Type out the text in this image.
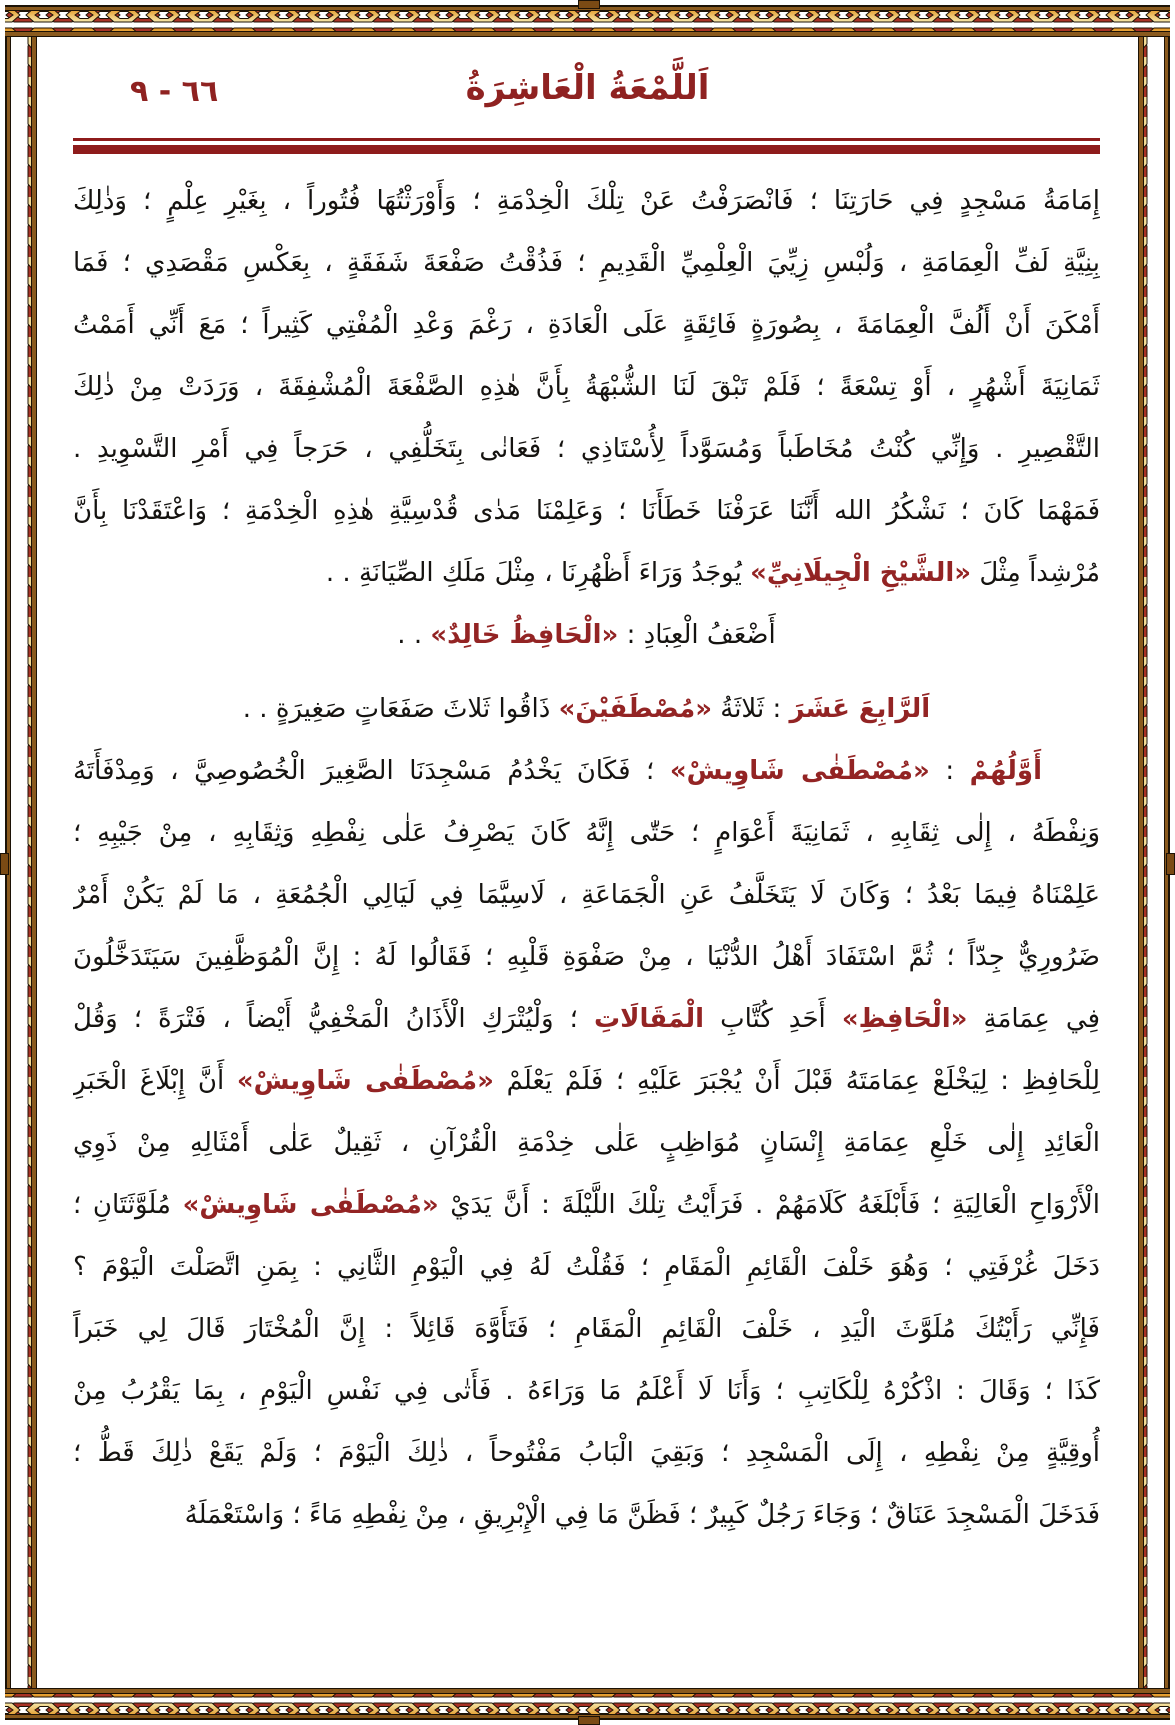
اَللَّمْعَةُ الْعَاشِرَةُ
٦٦ - ٩
إِمَامَةُ مَسْجِدٍ فِي حَارَتِنَا ؛ فَانْصَرَفْتُ عَنْ تِلْكَ الْخِدْمَةِ ؛ وَأَوْرَثْتُهَا فُتُوراً ، بِغَيْرِ عِلْمٍ ؛ وَذٰلِكَ
بِنِيَّةِ لَفِّ الْعِمَامَةِ ، وَلُبْسِ زِيِّيَ الْعِلْمِيِّ الْقَدِيمِ ؛ فَذُقْتُ صَفْعَةَ شَفَقَةٍ ، بِعَكْسِ مَقْصَدِي ؛ فَمَا
أَمْكَنَ أَنْ أَلُفَّ الْعِمَامَةَ ، بِصُورَةٍ فَائِقَةٍ عَلَى الْعَادَةِ ، رَغْمَ وَعْدِ الْمُفْتِي كَثِيراً ؛ مَعَ أَنِّي أَمَمْتُ
ثَمَانِيَةَ أَشْهُرٍ ، أَوْ تِسْعَةً ؛ فَلَمْ تَبْقَ لَنَا الشُّبْهَةُ بِأَنَّ هٰذِهِ الصَّفْعَةَ الْمُشْفِقَةَ ، وَرَدَتْ مِنْ ذٰلِكَ
التَّقْصِيرِ . وَإِنِّي كُنْتُ مُخَاطَباً وَمُسَوَّداً لِأُسْتَاذِي ؛ فَعَانٰى بِتَخَلُّفِي ، حَرَجاً فِي أَمْرِ التَّسْوِيدِ .
فَمَهْمَا كَانَ ؛ نَشْكُرُ الله أَنَّنَا عَرَفْنَا خَطَأَنَا ؛ وَعَلِمْنَا مَدٰى قُدْسِيَّةِ هٰذِهِ الْخِدْمَةِ ؛ وَاعْتَقَدْنَا بِأَنَّ
مُرْشِداً مِثْلَ «الشَّيْخِ الْجِيلَانِيِّ» يُوجَدُ وَرَاءَ أَظْهُرِنَا ، مِثْلَ مَلَكِ الصِّيَانَةِ . .
أَضْعَفُ الْعِبَادِ : «الْحَافِظُ خَالِدٌ» . .
اَلرَّابِعَ عَشَرَ : ثَلاثَةُ «مُصْطَفَيْنَ» ذَاقُوا ثَلاثَ صَفَعَاتٍ صَغِيرَةٍ . .
أَوَّلُهُمْ : «مُصْطَفٰى شَاوِيشْ» ؛ فَكَانَ يَخْدُمُ مَسْجِدَنَا الصَّغِيرَ الْخُصُوصِيَّ ، وَمِدْفَأَتَهُ
وَنِفْطَهُ ، إِلٰى ثِقَابِهِ ، ثَمَانِيَةَ أَعْوَامٍ ؛ حَتّٰى إِنَّهُ كَانَ يَصْرِفُ عَلٰى نِفْطِهِ وَثِقَابِهِ ، مِنْ جَيْبِهِ ؛
عَلِمْنَاهُ فِيمَا بَعْدُ ؛ وَكَانَ لَا يَتَخَلَّفُ عَنِ الْجَمَاعَةِ ، لَاسِيَّمَا فِي لَيَالِي الْجُمُعَةِ ، مَا لَمْ يَكُنْ أَمْرٌ
ضَرُورِيٌّ جِدّاً ؛ ثُمَّ اسْتَفَادَ أَهْلُ الدُّنْيَا ، مِنْ صَفْوَةِ قَلْبِهِ ؛ فَقَالُوا لَهُ : إِنَّ الْمُوَظَّفِينَ سَيَتَدَخَّلُونَ
فِي عِمَامَةِ «الْحَافِظِ» أَحَدِ كُتَّابِ الْمَقَالَاتِ ؛ وَلْيُتْرَكِ الْأَذَانُ الْمَخْفِيُّ أَيْضاً ، فَتْرَةً ؛ وَقُلْ
لِلْحَافِظِ : لِيَخْلَعْ عِمَامَتَهُ قَبْلَ أَنْ يُجْبَرَ عَلَيْهِ ؛ فَلَمْ يَعْلَمْ «مُصْطَفٰى شَاوِيشْ» أَنَّ إِبْلَاغَ الْخَبَرِ
الْعَائِدِ إِلٰى خَلْعِ عِمَامَةِ إِنْسَانٍ مُوَاظِبٍ عَلٰى خِدْمَةِ الْقُرْآنِ ، ثَقِيلٌ عَلٰى أَمْثَالِهِ مِنْ ذَوِي
الْأَرْوَاحِ الْعَالِيَةِ ؛ فَأَبْلَغَهُ كَلَامَهُمْ . فَرَأَيْتُ تِلْكَ اللَّيْلَةَ : أَنَّ يَدَيْ «مُصْطَفٰى شَاوِيشْ» مُلَوَّثَتَانِ ؛
دَخَلَ غُرْفَتِي ؛ وَهُوَ خَلْفَ الْقَائِمِ الْمَقَامِ ؛ فَقُلْتُ لَهُ فِي الْيَوْمِ الثَّانِي : بِمَنِ اتَّصَلْتَ الْيَوْمَ ؟
فَإِنِّي رَأَيْتُكَ مُلَوَّثَ الْيَدِ ، خَلْفَ الْقَائِمِ الْمَقَامِ ؛ فَتَأَوَّهَ قَائِلاً : إِنَّ الْمُخْتَارَ قَالَ لِي خَبَراً
كَذَا ؛ وَقَالَ : اذْكُرْهُ لِلْكَاتِبِ ؛ وَأَنَا لَا أَعْلَمُ مَا وَرَاءَهُ . فَأَتٰى فِي نَفْسِ الْيَوْمِ ، بِمَا يَقْرُبُ مِنْ
أُوقِيَّةٍ مِنْ نِفْطِهِ ، إِلَى الْمَسْجِدِ ؛ وَبَقِيَ الْبَابُ مَفْتُوحاً ، ذٰلِكَ الْيَوْمَ ؛ وَلَمْ يَقَعْ ذٰلِكَ قَطُّ ؛
فَدَخَلَ الْمَسْجِدَ عَنَاقٌ ؛ وَجَاءَ رَجُلٌ كَبِيرٌ ؛ فَظَنَّ مَا فِي الْإِبْرِيقِ ، مِنْ نِفْطِهِ مَاءً ؛ وَاسْتَعْمَلَهُ
